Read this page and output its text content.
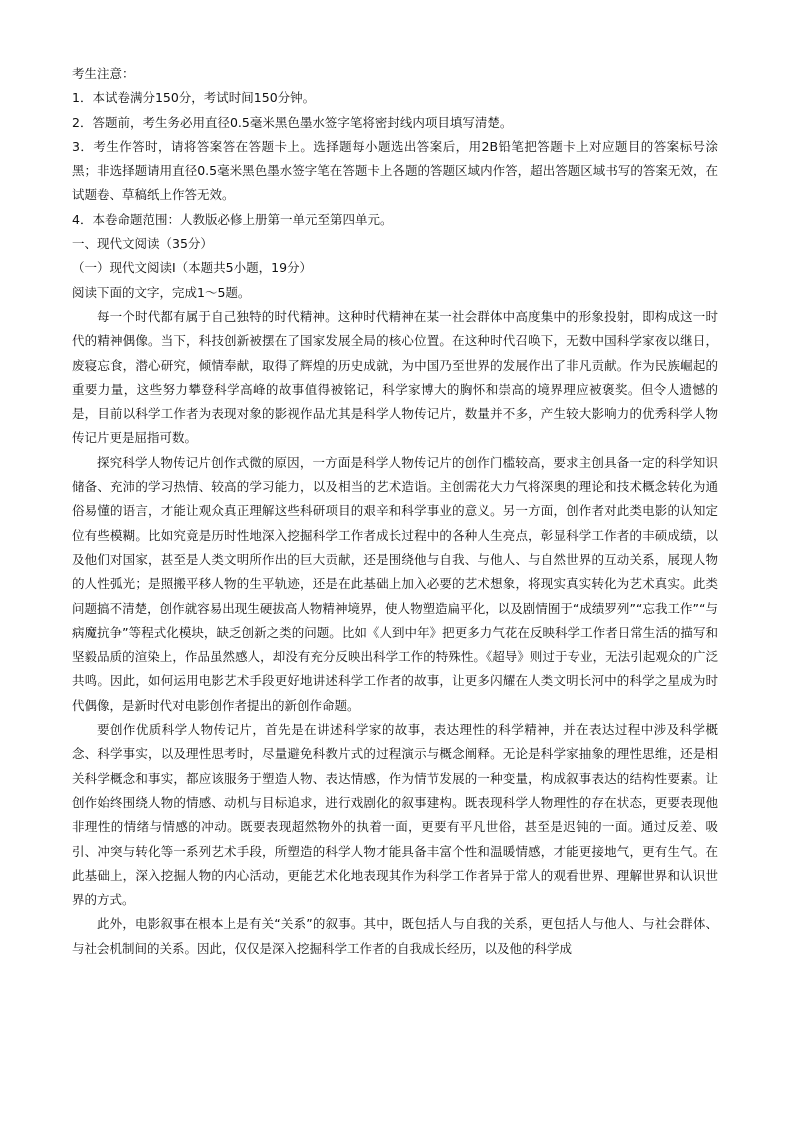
考生注意：
1．本试卷满分150分，考试时间150分钟。
2．答题前，考生务必用直径0.5毫米黑色墨水签字笔将密封线内项目填写清楚。
3．考生作答时，请将答案答在答题卡上。选择题每小题选出答案后，用2B铅笔把答题卡上对应题目的答案标号涂黑；非选择题请用直径0.5毫米黑色墨水签字笔在答题卡上各题的答题区域内作答，超出答题区域书写的答案无效，在试题卷、草稿纸上作答无效。
4．本卷命题范围：人教版必修上册第一单元至第四单元。
一、现代文阅读（35分）
（一）现代文阅读Ⅰ（本题共5小题，19分）
阅读下面的文字，完成1～5题。

每一个时代都有属于自己独特的时代精神。这种时代精神在某一社会群体中高度集中的形象投射，即构成这一时代的精神偶像。当下，科技创新被摆在了国家发展全局的核心位置。在这种时代召唤下，无数中国科学家夜以继日，废寝忘食，潜心研究，倾情奉献，取得了辉煌的历史成就，为中国乃至世界的发展作出了非凡贡献。作为民族崛起的重要力量，这些努力攀登科学高峰的故事值得被铭记，科学家博大的胸怀和崇高的境界理应被褒奖。但令人遗憾的是，目前以科学工作者为表现对象的影视作品尤其是科学人物传记片，数量并不多，产生较大影响力的优秀科学人物传记片更是屈指可数。

探究科学人物传记片创作式微的原因，一方面是科学人物传记片的创作门槛较高，要求主创具备一定的科学知识储备、充沛的学习热情、较高的学习能力，以及相当的艺术造诣。主创需花大力气将深奥的理论和技术概念转化为通俗易懂的语言，才能让观众真正理解这些科研项目的艰辛和科学事业的意义。另一方面，创作者对此类电影的认知定位有些模糊。比如究竟是历时性地深入挖掘科学工作者成长过程中的各种人生亮点，彰显科学工作者的丰硕成绩，以及他们对国家，甚至是人类文明所作出的巨大贡献，还是围绕他与自我、与他人、与自然世界的互动关系，展现人物的人性弧光；是照搬平移人物的生平轨迹，还是在此基础上加入必要的艺术想象，将现实真实转化为艺术真实。此类问题搞不清楚，创作就容易出现生硬拔高人物精神境界，使人物塑造扁平化，以及剧情囿于“成绩罗列”“忘我工作”“与病魔抗争”等程式化模块，缺乏创新之类的问题。比如《人到中年》把更多力气花在反映科学工作者日常生活的描写和坚毅品质的渲染上，作品虽然感人，却没有充分反映出科学工作的特殊性。《超导》则过于专业，无法引起观众的广泛共鸣。因此，如何运用电影艺术手段更好地讲述科学工作者的故事，让更多闪耀在人类文明长河中的科学之星成为时代偶像，是新时代对电影创作者提出的新创作命题。

要创作优质科学人物传记片，首先是在讲述科学家的故事，表达理性的科学精神，并在表达过程中涉及科学概念、科学事实，以及理性思考时，尽量避免科教片式的过程演示与概念阐释。无论是科学家抽象的理性思维，还是相关科学概念和事实，都应该服务于塑造人物、表达情感，作为情节发展的一种变量，构成叙事表达的结构性要素。让创作始终围绕人物的情感、动机与目标追求，进行戏剧化的叙事建构。既表现科学人物理性的存在状态，更要表现他非理性的情绪与情感的冲动。既要表现超然物外的执着一面，更要有平凡世俗，甚至是迟钝的一面。通过反差、吸引、冲突与转化等一系列艺术手段，所塑造的科学人物才能具备丰富个性和温暖情感，才能更接地气，更有生气。在此基础上，深入挖掘人物的内心活动，更能艺术化地表现其作为科学工作者异于常人的观看世界、理解世界和认识世界的方式。

此外，电影叙事在根本上是有关“关系”的叙事。其中，既包括人与自我的关系，更包括人与他人、与社会群体、与社会机制间的关系。因此，仅仅是深入挖掘科学工作者的自我成长经历，以及他的科学成
